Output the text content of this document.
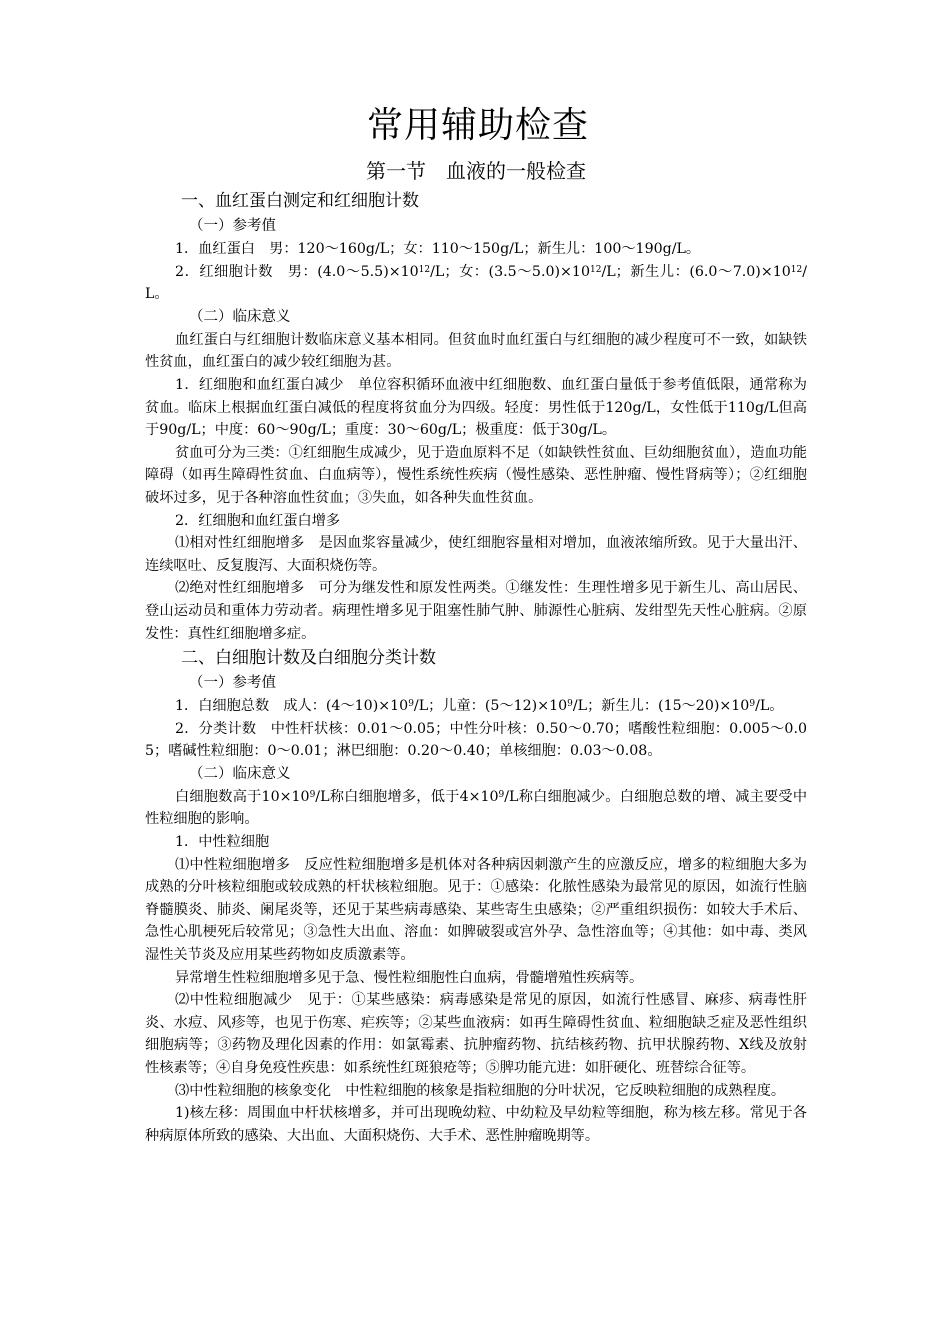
常用辅助检查
第一节　血液的一般检查
一、血红蛋白测定和红细胞计数
（一）参考值

1．血红蛋白　男：120～160g/L；女：110～150g/L；新生儿：100～190g/L。

2．红细胞计数　男：$(4.0\sim 5.5)\times 10^{12}/L$；女：$(3.5\sim 5.0)\times 10^{12}/L$；新生儿：$(6.0\sim 7.0)\times 10^{12}/L$。

（二）临床意义

血红蛋白与红细胞计数临床意义基本相同。但贫血时血红蛋白与红细胞的减少程度可不一致，如缺铁性贫血，血红蛋白的减少较红细胞为甚。

1．红细胞和血红蛋白减少　单位容积循环血液中红细胞数、血红蛋白量低于参考值低限，通常称为贫血。临床上根据血红蛋白减低的程度将贫血分为四级。轻度：男性低于120g/L，女性低于110g/L但高于90g/L；中度：60～90g/L；重度：30～60g/L；极重度：低于30g/L。

贫血可分为三类：①红细胞生成减少，见于造血原料不足（如缺铁性贫血、巨幼细胞贫血），造血功能障碍（如再生障碍性贫血、白血病等），慢性系统性疾病（慢性感染、恶性肿瘤、慢性肾病等）；②红细胞破坏过多，见于各种溶血性贫血；③失血，如各种失血性贫血。

2．红细胞和血红蛋白增多

⑴相对性红细胞增多　是因血浆容量减少，使红细胞容量相对增加，血液浓缩所致。见于大量出汗、连续呕吐、反复腹泻、大面积烧伤等。

⑵绝对性红细胞增多　可分为继发性和原发性两类。①继发性：生理性增多见于新生儿、高山居民、登山运动员和重体力劳动者。病理性增多见于阻塞性肺气肿、肺源性心脏病、发绀型先天性心脏病。②原发性：真性红细胞增多症。

二、白细胞计数及白细胞分类计数
（一）参考值

1．白细胞总数　成人：$(4\sim 10)\times 10^9/L$；儿童：$(5\sim 12)\times 10^9/L$；新生儿：$(15\sim 20)\times 10^9/L$。

2．分类计数　中性杆状核：0.01～0.05；中性分叶核：0.50～0.70；嗜酸性粒细胞：0.005～0.05；嗜碱性粒细胞：0～0.01；淋巴细胞：0.20～0.40；单核细胞：0.03～0.08。

（二）临床意义

白细胞数高于$10\times 10^9/L$称白细胞增多，低于$4\times 10^9/L$称白细胞减少。白细胞总数的增、减主要受中性粒细胞的影响。

1．中性粒细胞

⑴中性粒细胞增多　反应性粒细胞增多是机体对各种病因刺激产生的应激反应，增多的粒细胞大多为成熟的分叶核粒细胞或较成熟的杆状核粒细胞。见于：①感染：化脓性感染为最常见的原因，如流行性脑脊髓膜炎、肺炎、阑尾炎等，还见于某些病毒感染、某些寄生虫感染；②严重组织损伤：如较大手术后、急性心肌梗死后较常见；③急性大出血、溶血：如脾破裂或宫外孕、急性溶血等；④其他：如中毒、类风湿性关节炎及应用某些药物如皮质激素等。

异常增生性粒细胞增多见于急、慢性粒细胞性白血病，骨髓增殖性疾病等。

⑵中性粒细胞减少　见于：①某些感染：病毒感染是常见的原因，如流行性感冒、麻疹、病毒性肝炎、水痘、风疹等，也见于伤寒、疟疾等；②某些血液病：如再生障碍性贫血、粒细胞缺乏症及恶性组织细胞病等；③药物及理化因素的作用：如氯霉素、抗肿瘤药物、抗结核药物、抗甲状腺药物、X线及放射性核素等；④自身免疫性疾患：如系统性红斑狼疮等；⑤脾功能亢进：如肝硬化、班替综合征等。

⑶中性粒细胞的核象变化　中性粒细胞的核象是指粒细胞的分叶状况，它反映粒细胞的成熟程度。

1)核左移：周围血中杆状核增多，并可出现晚幼粒、中幼粒及早幼粒等细胞，称为核左移。常见于各种病原体所致的感染、大出血、大面积烧伤、大手术、恶性肿瘤晚期等。
